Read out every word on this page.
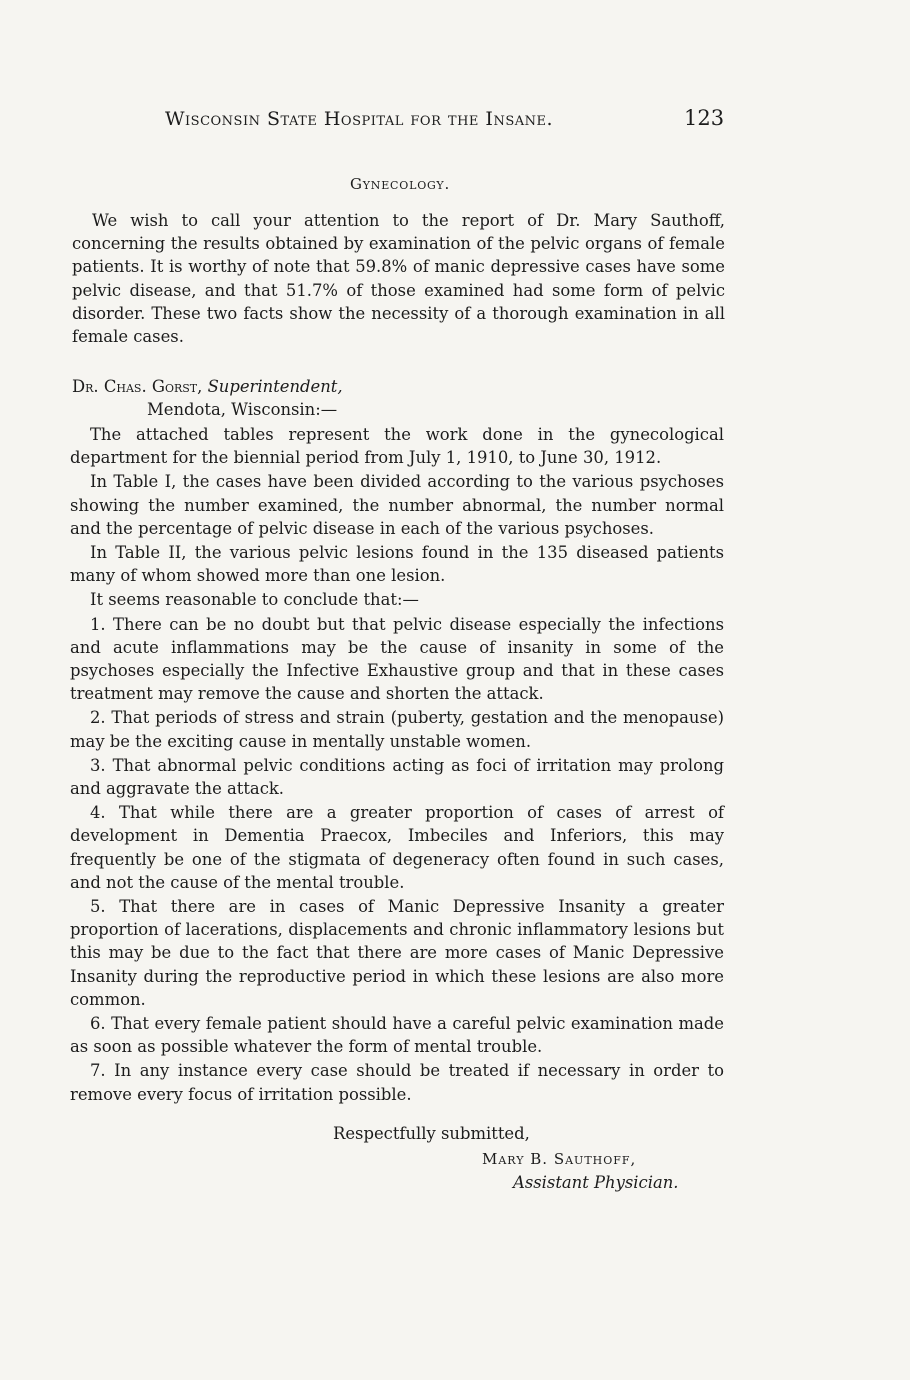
Wisconsin State Hospital for the Insane.	123
Gynecology.

We wish to call your attention to the report of Dr. Mary Sauthoff, concerning the results obtained by examination of the pelvic organs of female patients. It is worthy of note that 59.8% of manic depressive cases have some pelvic disease, and that 51.7% of those examined had some form of pelvic disorder. These two facts show the necessity of a thorough examination in all female cases.

Dr. Chas. Gorst, Superintendent,
Mendota, Wisconsin:—

The attached tables represent the work done in the gynecological department for the biennial period from July 1, 1910, to June 30, 1912.

In Table I, the cases have been divided according to the various psychoses showing the number examined, the number abnormal, the number normal and the percentage of pelvic disease in each of the various psychoses.

In Table II, the various pelvic lesions found in the 135 diseased patients many of whom showed more than one lesion.

It seems reasonable to conclude that:—

1. There can be no doubt but that pelvic disease especially the infections and acute inflammations may be the cause of insanity in some of the psychoses especially the Infective Exhaustive group and that in these cases treatment may remove the cause and shorten the attack.

2. That periods of stress and strain (puberty, gestation and the menopause) may be the exciting cause in mentally unstable women.

3. That abnormal pelvic conditions acting as foci of irritation may prolong and aggravate the attack.

4. That while there are a greater proportion of cases of arrest of development in Dementia Praecox, Imbeciles and Inferiors, this may frequently be one of the stigmata of degeneracy often found in such cases, and not the cause of the mental trouble.

5. That there are in cases of Manic Depressive Insanity a greater proportion of lacerations, displacements and chronic inflammatory lesions but this may be due to the fact that there are more cases of Manic Depressive Insanity during the reproductive period in which these lesions are also more common.

6. That every female patient should have a careful pelvic examination made as soon as possible whatever the form of mental trouble.

7. In any instance every case should be treated if necessary in order to remove every focus of irritation possible.

Respectfully submitted,
Mary B. Sauthoff,
Assistant Physician.
